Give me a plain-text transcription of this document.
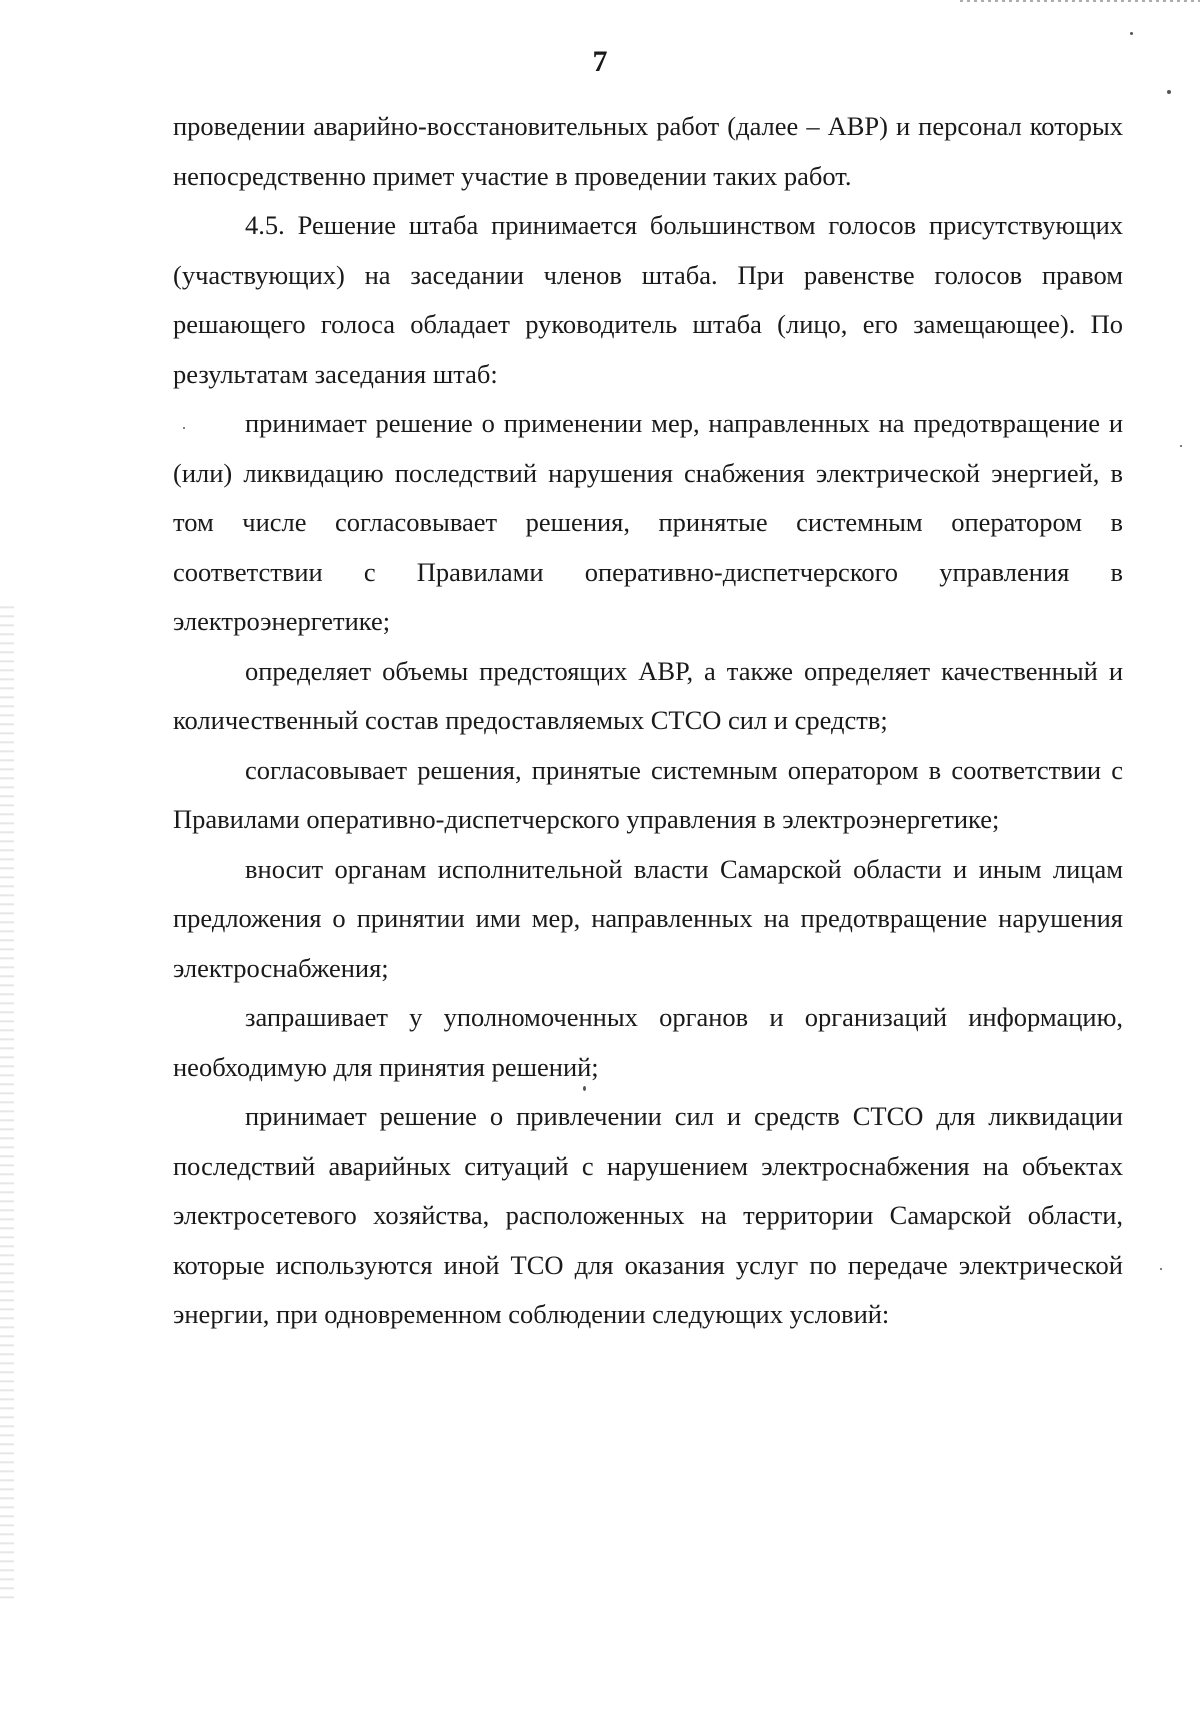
7

проведении аварийно-восстановительных работ (далее – АВР) и персонал которых непосредственно примет участие в проведении таких работ.

4.5. Решение штаба принимается большинством голосов присутствующих (участвующих) на заседании членов штаба. При равенстве голосов правом решающего голоса обладает руководитель штаба (лицо, его замещающее). По результатам заседания штаб:

принимает решение о применении мер, направленных на предотвращение и (или) ликвидацию последствий нарушения снабжения электрической энергией, в том числе согласовывает решения, принятые системным оператором в соответствии с Правилами оперативно-диспетчерского управления в электроэнергетике;

определяет объемы предстоящих АВР, а также определяет качественный и количественный состав предоставляемых СТСО сил и средств;

согласовывает решения, принятые системным оператором в соответствии с Правилами оперативно-диспетчерского управления в электроэнергетике;

вносит органам исполнительной власти Самарской области и иным лицам предложения о принятии ими мер, направленных на предотвращение нарушения электроснабжения;

запрашивает у уполномоченных органов и организаций информацию, необходимую для принятия решений;

принимает решение о привлечении сил и средств СТСО для ликвидации последствий аварийных ситуаций с нарушением электроснабжения на объектах электросетевого хозяйства, расположенных на территории Самарской области, которые используются иной ТСО для оказания услуг по передаче электрической энергии, при одновременном соблюдении следующих условий:
